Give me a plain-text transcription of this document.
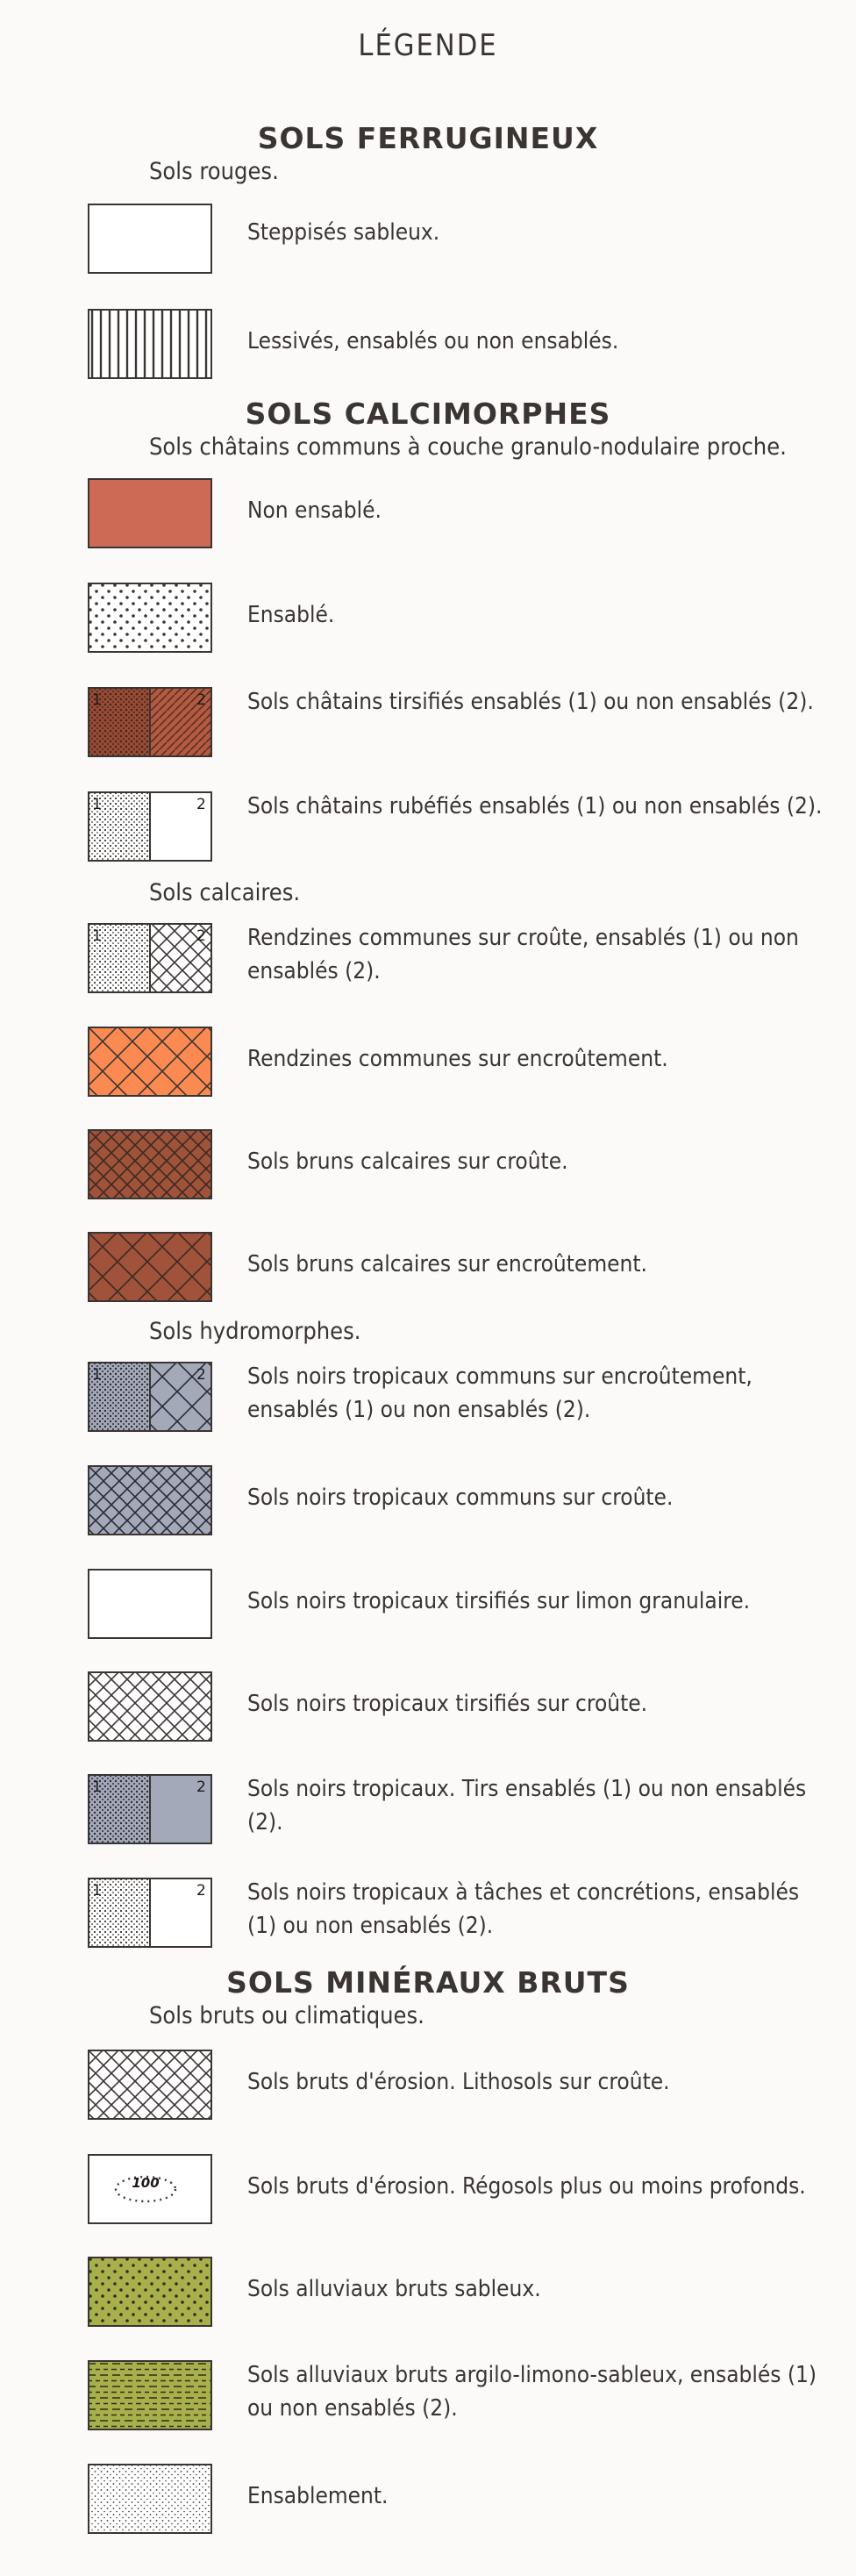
LÉGENDE
SOLS FERRUGINEUX
Sols rouges.
Steppisés sableux.
Lessivés, ensablés ou non ensablés.
SOLS CALCIMORPHES
Sols châtains communs à couche granulo-nodulaire proche.
Non ensablé.
Ensablé.
1	2 Sols châtains tirsifiés ensablés (1) ou non ensablés (2).
1	2 Sols châtains rubéfiés ensablés (1) ou non ensablés (2).
Sols calcaires.
1	2 Rendzines communes sur croûte, ensablés (1) ou non ensablés (2).
Rendzines communes sur encroûtement.
Sols bruns calcaires sur croûte.
Sols bruns calcaires sur encroûtement.
Sols hydromorphes.
1	2 Sols noirs tropicaux communs sur encroûtement, ensablés (1) ou non ensablés (2).
Sols noirs tropicaux communs sur croûte.
Sols noirs tropicaux tirsifiés sur limon granulaire.
Sols noirs tropicaux tirsifiés sur croûte.
1	2 Sols noirs tropicaux. Tirs ensablés (1) ou non ensablés (2).
1	2 Sols noirs tropicaux à tâches et concrétions, ensablés (1) ou non ensablés (2).
SOLS MINÉRAUX BRUTS
Sols bruts ou climatiques.
Sols bruts d'érosion. Lithosols sur croûte.
100	Sols bruts d'érosion. Régosols plus ou moins profonds.
Sols alluviaux bruts sableux.
Sols alluviaux bruts argilo-limono-sableux, ensablés (1) ou non ensablés (2).
Ensablement.
